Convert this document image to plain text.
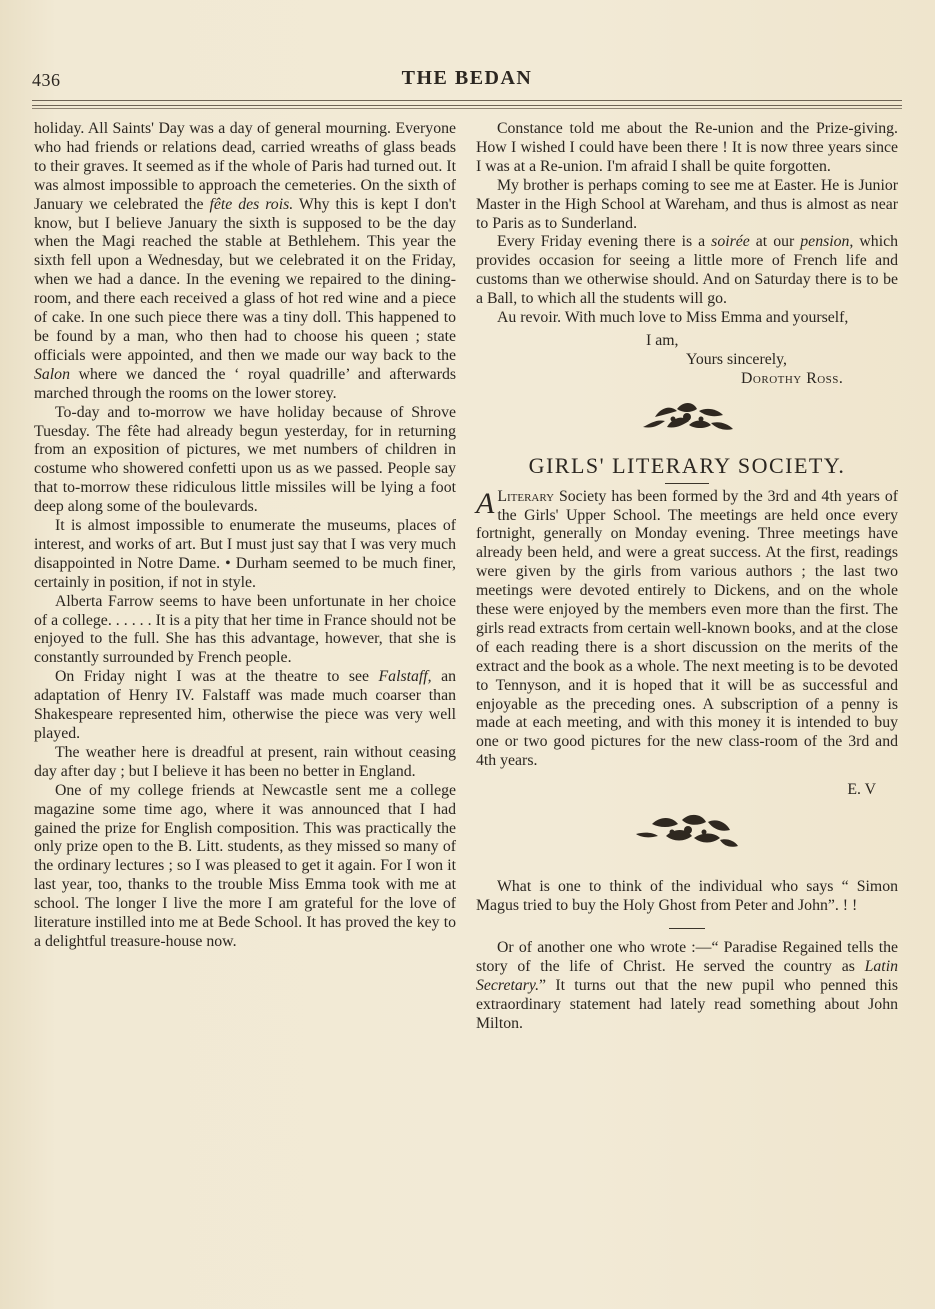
436	THE BEDAN

holiday. All Saints' Day was a day of general mourning. Everyone who had friends or relations dead, carried wreaths of glass beads to their graves. It seemed as if the whole of Paris had turned out. It was almost impossible to approach the cemeteries. On the sixth of January we celebrated the fête des rois. Why this is kept I don't know, but I believe January the sixth is supposed to be the day when the Magi reached the stable at Bethlehem. This year the sixth fell upon a Wednesday, but we celebrated it on the Friday, when we had a dance. In the evening we repaired to the dining-room, and there each received a glass of hot red wine and a piece of cake. In one such piece there was a tiny doll. This happened to be found by a man, who then had to choose his queen ; state officials were appointed, and then we made our way back to the Salon where we danced the ‘ royal quadrille’ and afterwards marched through the rooms on the lower storey.

To-day and to-morrow we have holiday because of Shrove Tuesday. The fête had already begun yesterday, for in returning from an exposition of pictures, we met numbers of children in costume who showered confetti upon us as we passed. People say that to-morrow these ridiculous little missiles will be lying a foot deep along some of the boulevards.

It is almost impossible to enumerate the museums, places of interest, and works of art. But I must just say that I was very much disappointed in Notre Dame. • Durham seemed to be much finer, certainly in position, if not in style.

Alberta Farrow seems to have been unfortunate in her choice of a college. . . . . . It is a pity that her time in France should not be enjoyed to the full. She has this advantage, however, that she is constantly surrounded by French people.

On Friday night I was at the theatre to see Falstaff, an adaptation of Henry IV. Falstaff was made much coarser than Shakespeare represented him, otherwise the piece was very well played.

The weather here is dreadful at present, rain without ceasing day after day ; but I believe it has been no better in England.

One of my college friends at Newcastle sent me a college magazine some time ago, where it was announced that I had gained the prize for English composition. This was practically the only prize open to the B. Litt. students, as they missed so many of the ordinary lectures ; so I was pleased to get it again. For I won it last year, too, thanks to the trouble Miss Emma took with me at school. The longer I live the more I am grateful for the love of literature instilled into me at Bede School. It has proved the key to a delightful treasure-house now.

Constance told me about the Re-union and the Prize-giving. How I wished I could have been there ! It is now three years since I was at a Re-union. I'm afraid I shall be quite forgotten.

My brother is perhaps coming to see me at Easter. He is Junior Master in the High School at Wareham, and thus is almost as near to Paris as to Sunderland.

Every Friday evening there is a soirée at our pension, which provides occasion for seeing a little more of French life and customs than we otherwise should. And on Saturday there is to be a Ball, to which all the students will go.

Au revoir. With much love to Miss Emma and yourself,

I am,
Yours sincerely,
Dorothy Ross.
GIRLS' LITERARY SOCIETY.

A Literary Society has been formed by the 3rd and 4th years of the Girls' Upper School. The meetings are held once every fortnight, generally on Monday evening. Three meetings have already been held, and were a great success. At the first, readings were given by the girls from various authors ; the last two meetings were devoted entirely to Dickens, and on the whole these were enjoyed by the members even more than the first. The girls read extracts from certain well-known books, and at the close of each reading there is a short discussion on the merits of the extract and the book as a whole. The next meeting is to be devoted to Tennyson, and it is hoped that it will be as successful and enjoyable as the preceding ones. A subscription of a penny is made at each meeting, and with this money it is intended to buy one or two good pictures for the new class-room of the 3rd and 4th years.

E. V

What is one to think of the individual who says “ Simon Magus tried to buy the Holy Ghost from Peter and John”. ! !

Or of another one who wrote :—“ Paradise Regained tells the story of the life of Christ. He served the country as Latin Secretary.” It turns out that the new pupil who penned this extraordinary statement had lately read something about John Milton.
